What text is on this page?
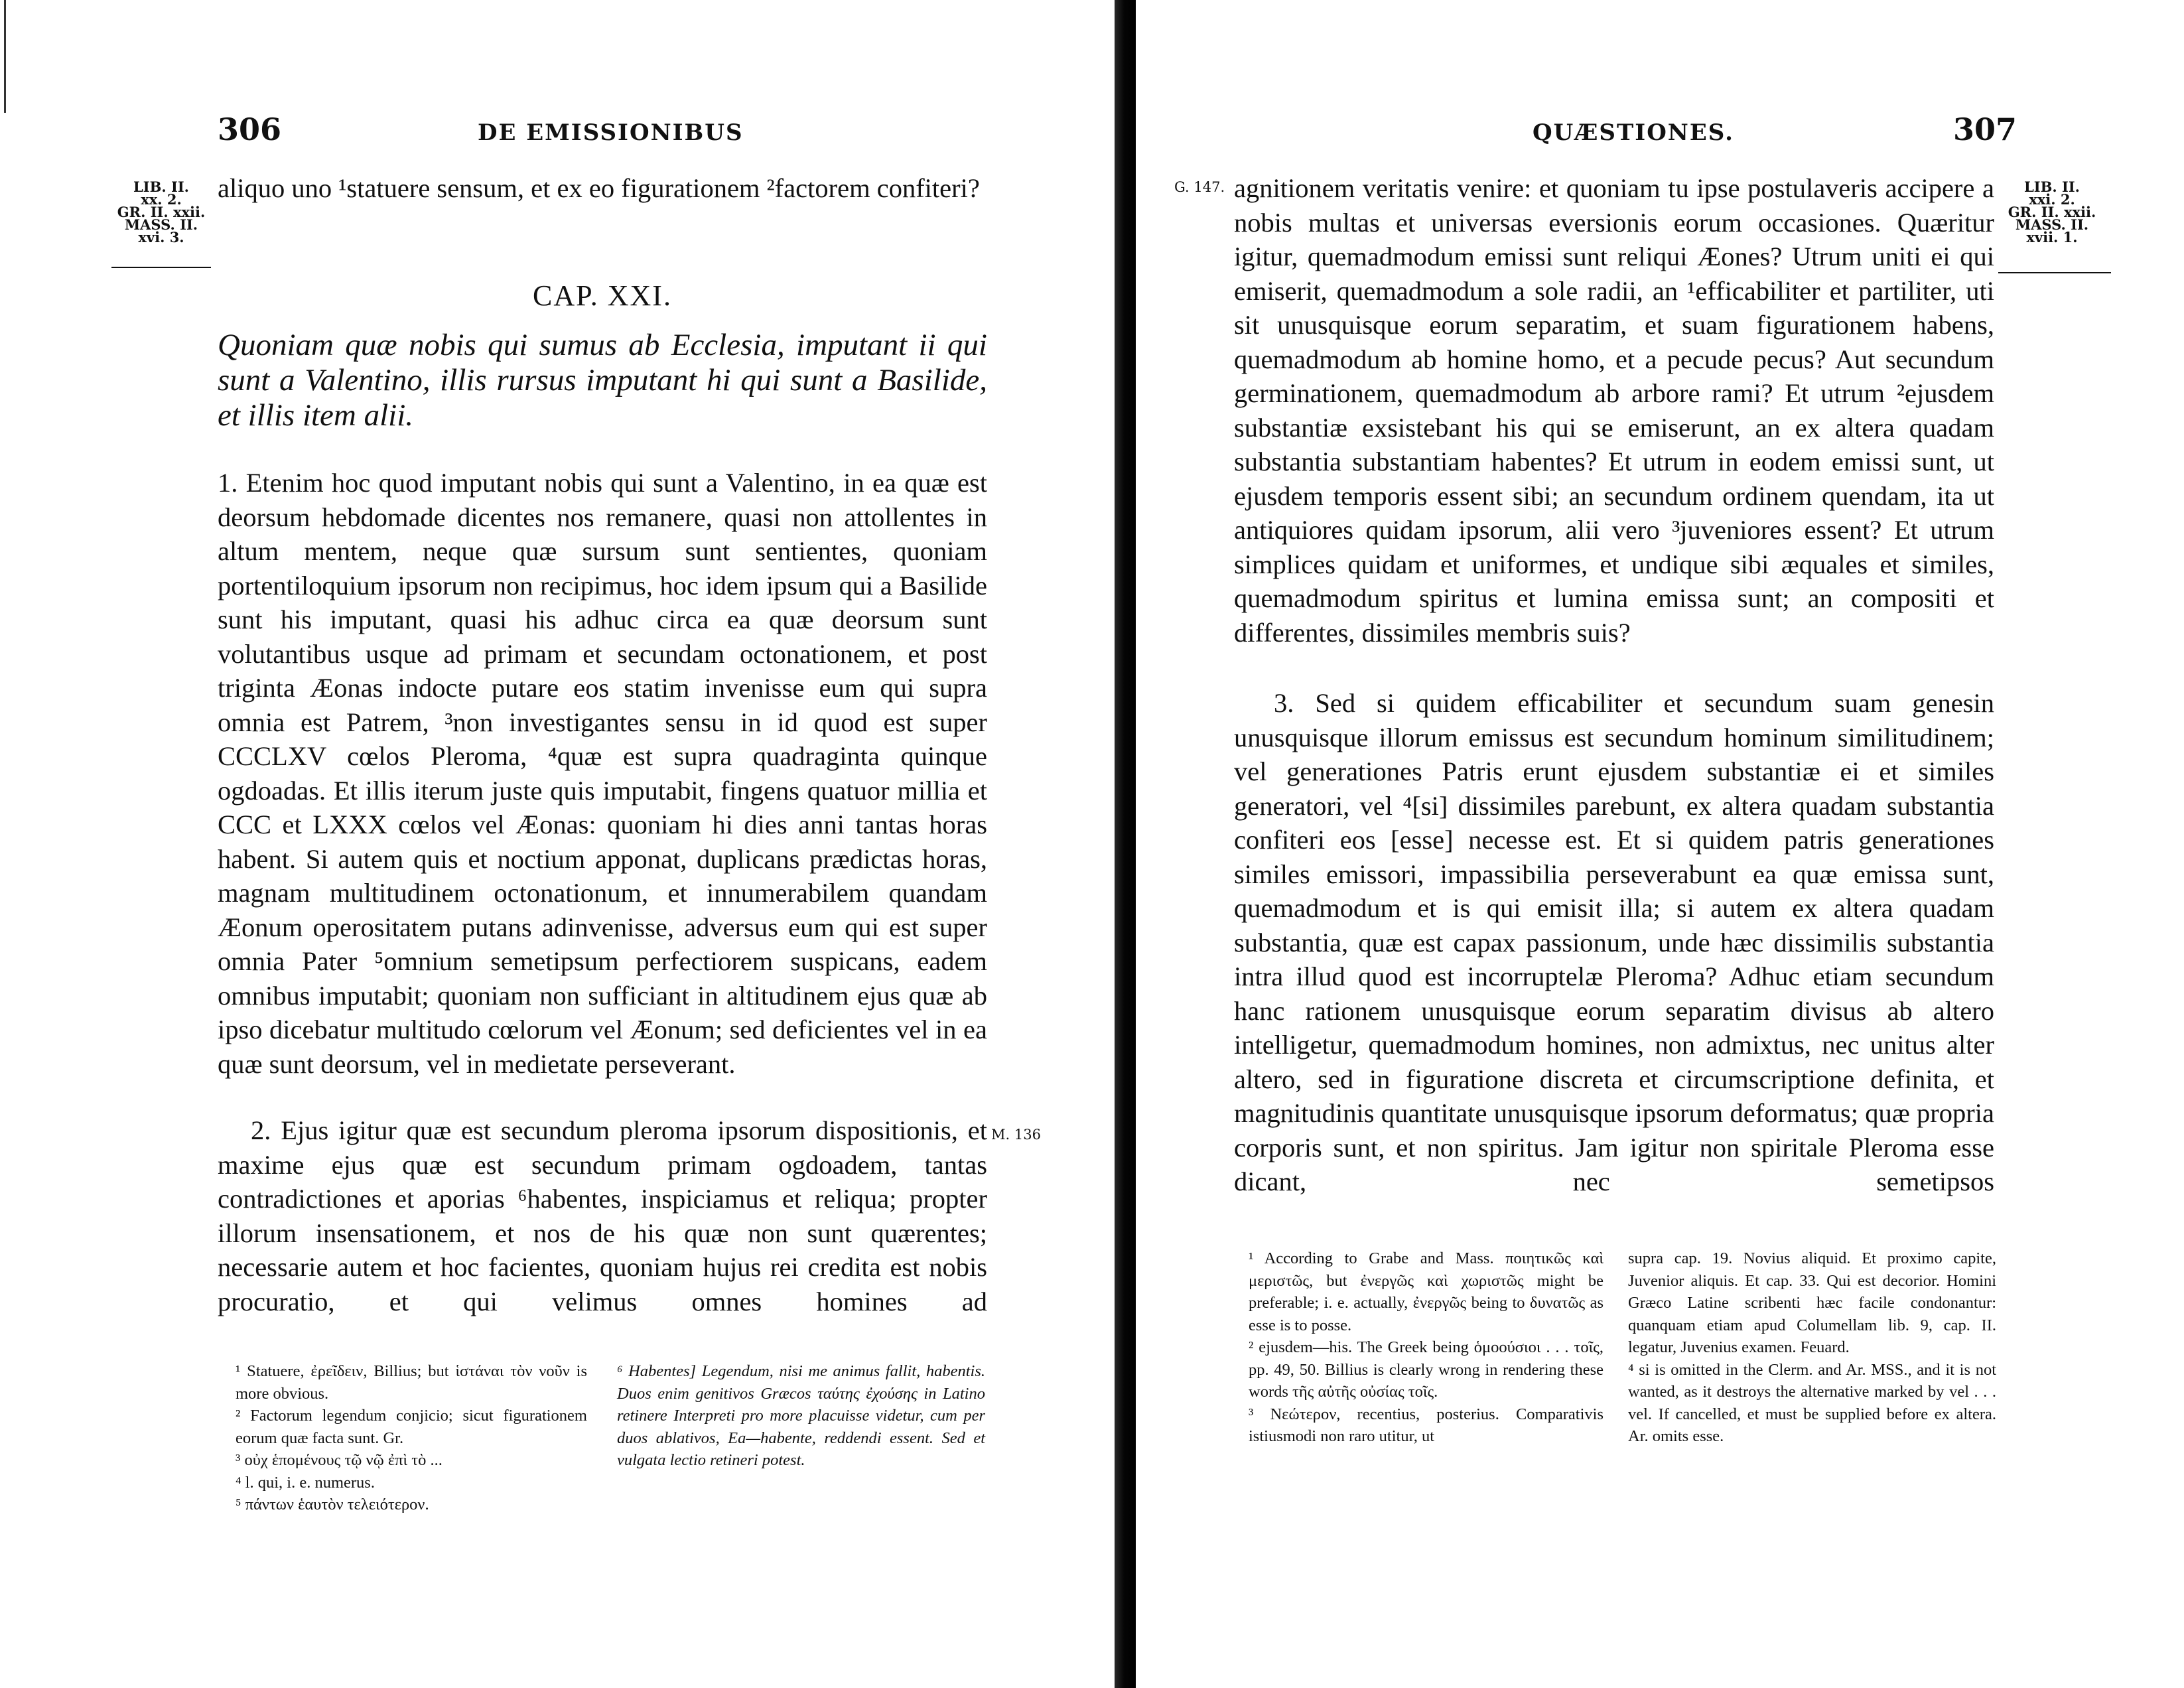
306	DE EMISSIONIBUS
LIB. II.
xx. 2.
GR. II. xxii.
MASS. II.
xvi. 3.

aliquo uno ¹statuere sensum, et ex eo figurationem ²factorem confiteri?

CAP. XXI.
Quoniam quæ nobis qui sumus ab Ecclesia, imputant ii qui sunt a Valentino, illis rursus imputant hi qui sunt a Basilide, et illis item alii.

1. Etenim hoc quod imputant nobis qui sunt a Valentino, in ea quæ est deorsum hebdomade dicentes nos remanere, quasi non attollentes in altum mentem, neque quæ sursum sunt sentientes, quoniam portentiloquium ipsorum non recipimus, hoc idem ipsum qui a Basilide sunt his imputant, quasi his adhuc circa ea quæ deorsum sunt volutantibus usque ad primam et secundam octonationem, et post triginta Æonas indocte putare eos statim invenisse eum qui supra omnia est Patrem, ³non investigantes sensu in id quod est super CCCLXV cœlos Pleroma, ⁴quæ est supra quadraginta quinque ogdoadas. Et illis iterum juste quis imputabit, fingens quatuor millia et CCC et LXXX cœlos vel Æonas: quoniam hi dies anni tantas horas habent. Si autem quis et noctium apponat, duplicans prædictas horas, magnam multitudinem octonationum, et innumerabilem quandam Æonum operositatem putans adinvenisse, adversus eum qui est super omnia Pater ⁵omnium semetipsum perfectiorem suspicans, eadem omnibus imputabit; quoniam non sufficiant in altitudinem ejus quæ ab ipso dicebatur multitudo cœlorum vel Æonum; sed deficientes vel in ea quæ sunt deorsum, vel in medietate perseverant.

2. Ejus igitur quæ est secundum pleroma ipsorum dispositionis, et maxime ejus quæ est secundum primam ogdoadem, tantas contradictiones et aporias ⁶habentes, inspiciamus et reliqua; propter illorum insensationem, et nos de his quæ non sunt quærentes; necessarie autem et hoc facientes, quoniam hujus rei credita est nobis procuratio, et qui velimus omnes homines ad

M. 136

¹ Statuere, ἐρεῖδειν, Billius; but ἱστάναι τὸν νοῦν is more obvious.

² Factorum legendum conjicio; sicut figurationem eorum quæ facta sunt. Gr.

³ οὐχ ἑπομένους τῷ νῷ ἐπὶ τὸ ...

⁴ l. qui, i. e. numerus.

⁵ πάντων ἑαυτὸν τελειότερον.

⁶ Habentes] Legendum, nisi me animus fallit, habentis. Duos enim genitivos Græcos ταύτης ἐχούσης in Latino retinere Interpreti pro more placuisse videtur, cum per duos ablativos, Ea—habente, reddendi essent. Sed et vulgata lectio retineri potest.

QUÆSTIONES.	307
G. 147.	LIB. II.
xxi. 2.
GR. II. xxii.
MASS. II.
xvii. 1.

agnitionem veritatis venire: et quoniam tu ipse postulaveris accipere a nobis multas et universas eversionis eorum occasiones. Quæritur igitur, quemadmodum emissi sunt reliqui Æones? Utrum uniti ei qui emiserit, quemadmodum a sole radii, an ¹efficabiliter et partiliter, uti sit unusquisque eorum separatim, et suam figurationem habens, quemadmodum ab homine homo, et a pecude pecus? Aut secundum germinationem, quemadmodum ab arbore rami? Et utrum ²ejusdem substantiæ exsistebant his qui se emiserunt, an ex altera quadam substantia substantiam habentes? Et utrum in eodem emissi sunt, ut ejusdem temporis essent sibi; an secundum ordinem quendam, ita ut antiquiores quidam ipsorum, alii vero ³juveniores essent? Et utrum simplices quidam et uniformes, et undique sibi æquales et similes, quemadmodum spiritus et lumina emissa sunt; an compositi et differentes, dissimiles membris suis?

3. Sed si quidem efficabiliter et secundum suam genesin unusquisque illorum emissus est secundum hominum similitudinem; vel generationes Patris erunt ejusdem substantiæ ei et similes generatori, vel ⁴[si] dissimiles parebunt, ex altera quadam substantia confiteri eos [esse] necesse est. Et si quidem patris generationes similes emissori, impassibilia perseverabunt ea quæ emissa sunt, quemadmodum et is qui emisit illa; si autem ex altera quadam substantia, quæ est capax passionum, unde hæc dissimilis substantia intra illud quod est incorruptelæ Pleroma? Adhuc etiam secundum hanc rationem unusquisque eorum separatim divisus ab altero intelligetur, quemadmodum homines, non admixtus, nec unitus alter altero, sed in figuratione discreta et circumscriptione definita, et magnitudinis quantitate unusquisque ipsorum deformatus; quæ propria corporis sunt, et non spiritus. Jam igitur non spiritale Pleroma esse dicant, nec semetipsos

¹ According to Grabe and Mass. ποιητικῶς καὶ μεριστῶς, but ἐνεργῶς καὶ χωριστῶς might be preferable; i. e. actually, ἐνεργῶς being to δυνατῶς as esse is to posse.

² ejusdem—his. The Greek being ὁμοούσιοι . . . τοῖς, pp. 49, 50. Billius is clearly wrong in rendering these words τῆς αὐτῆς οὐσίας τοῖς.

³ Νεώτερον, recentius, posterius. Comparativis istiusmodi non raro utitur, ut

supra cap. 19. Novius aliquid. Et proximo capite, Juvenior aliquis. Et cap. 33. Qui est decorior. Homini Græco Latine scribenti hæc facile condonantur: quanquam etiam apud Columellam lib. 9, cap. II. legatur, Juvenius examen. Feuard.

⁴ si is omitted in the Clerm. and Ar. MSS., and it is not wanted, as it destroys the alternative marked by vel . . . vel. If cancelled, et must be supplied before ex altera. Ar. omits esse.
